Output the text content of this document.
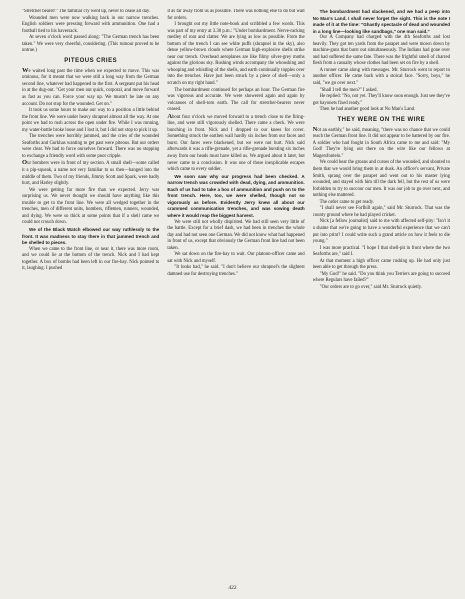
"Stretcher bearer!" The familiar cry went up, never to cease all day.

Wounded men were now walking back in our narrow trenches. English soldiers were pressing forward with ammunition. One had a football tied to his haversack.

At seven o'clock word passed along: "The German trench has been taken." We were very cheerful, considering. (This rumour proved to be untrue.)

PITEOUS CRIES

We waited long past the time when we expected to move. This was ominous, for it meant that we were still a long way from the German second line, whatever had happened to the first. A sergeant put his head in at the dug-out. "Get your men out quick, corporal, and move forward as fast as you can. Force your way up. We mustn't be late on any account. Do not stop for the wounded. Get on."

It took us some hours to make our way to a position a little behind the front line. We were under heavy shrapnel almost all the way. At one point we had to rush across the open under fire. While I was running, my water-bottle broke loose and I lost it, but I did not stop to pick it up.

The trenches were horribly jammed, and the cries of the wounded Seaforths and Gurkhas wanting to get past were piteous. But our orders were clear. We had to force ourselves forward. There was no stopping to exchange a friendly word with some poor cripple.

Our bombers were in front of my section. A small shell—some called it a pip-squeak, a name not very familiar to us then—banged into the middle of them. Two of my friends, Jimmy Scott and Spark, were badly hurt, and Harley slightly.

We were getting far more fire than we expected. Jerry was surprising us. We never thought we should have anything like this trouble to get to the front line. We were all wedged together in the trenches, men of different units, bombers, riflemen, runners, wounded, and dying. We were so thick at some points that if a shell came we could not crouch down.

We of the Black Watch elbowed our way ruthlessly to the front. It was madness to stay there in that jammed trench and be shelled to pieces.

When we came to the front line, or near it, there was more room, and we could lie at the bottom of the trench. Nick and I had kept together. A box of bombs had been left in our fire-bay. Nick pointed to it, laughing. I pushed

it as far away from us as possible. There was nothing else to do but wait for orders.

I brought out my little note-book and scribbled a few words. This was part of my entry at 3.30 p.m.: "Under bombardment. Nerve-racking medley of roar and clatter. We are lying as low as possible. From the bottom of the trench I can see white puffs (shrapnel in the sky), also dense yellow-brown clouds where German high-explosive shells strike near our trench. Overhead aeroplanes are like filmy silver-grey moths against the glorious sky. Rushing winds accompany the whooshing and whooping and whistling of the shells, and earth continually topples over into the trenches. Have just been struck by a piece of shell—only a scratch on my right hand."

The bombardment continued for perhaps an hour. The German fire was vigorous and accurate. We were showered again and again by volcanoes of shell-torn earth. The call for stretcher-bearers never ceased.

About four o'clock we moved forward to a trench close to the firing-line, and were still vigorously shelled. There came a check. We were bunching in front. Nick and I dropped to our knees for cover. Something struck the earthen wall hardly six inches from our faces and burst. Our faces were blackened, but we were not hurt. Nick said afterwards it was a rifle-grenade, yet a rifle-grenade bursting six inches away from our heads must have killed us. We argued about it later, but never came to a conclusion. It was one of those inexplicable escapes which came to every soldier.

We soon saw why our progress had been checked. A narrow trench was crowded with dead, dying, and ammunition. Each of us had to take a box of ammunition and push on to the front trench. Here, too, we were shelled, though not so vigorously as before. Evidently Jerry knew all about our crammed communication trenches, and was sowing death where it would reap the biggest harvest.

We were still not wholly dispirited. We had still seen very little of the battle. Except for a brief dash, we had been in trenches the whole day and had not seen one German. We did not know what had happened in front of us, except that obviously the German front line had not been taken.

We sat down on the fire-bay to wait. Our platoon-officer came and sat with Nick and myself.

"It looks bad," he said. "I don't believe our shrapnel's the slightest damned use for destroying trenches."

The bombardment had slackened, and we had a peep into No Man's Land. I shall never forget the sight. This is the note I made of it at the time: "Ghastly spectacle of dead and wounded in a long line—looking like sandbags," one man said."

Our A Company had charged with the 4th Seaforths and lost heavily. They got ten yards from the parapet and were mown down by machine-guns that burst out simultaneously. The Indians had gone over and had suffered the same fate. There was the frightful smell of charred flesh from a casualty whose clothes had been set on fire by a shell.

A runner came along with messages. Mr. Sturrock went to report to another officer. He came back with a stoical face. "Sorry, boys," he said, "we go over next."

"Shall I tell the men?" I asked.

He replied: "No, not yet. They'll know soon enough. Just see they've got bayonets fixed ready."

Then he had another good look at No Man's Land.

THEY WERE ON THE WIRE

Not an earthly," he said, moaning, "there was no chance that we could reach the German front line. It did not appear to be battered by our fire. A soldier who had fought in South Africa came to me and said: "My God! They're lying out there on the wire like our fellows at Magersfontein."

We could hear the groans and curses of the wounded, and shouted to them that we would bring them in at dusk. An officer's servant, Private Smith, sprang over the parapet and went out to his master lying wounded, and stayed with him till the dark fell, but the rest of us were forbidden to try to succour our men. It was our job to go over next, and nothing else mattered.

The order came to get ready.

"I shall never see Forfhill again," said Mr. Sturrock. That was the county ground where he had played cricket.

Nick [a fellow journalist] said to me with affected self-pity: "Isn't it a shame that we're going to have a wonderful experience that we can't put into print? I could write such a grand article on how it feels to die young."

I was more practical. "I hope I that shell-pit in front where the two Seaforths are," said I.

At that moment a high officer came rushing up. He had only just been able to get through the press.

"My God!" he said. "Do you think you Terriers are going to succeed where Regulars have failed?"

"Our orders are to go over," said Mr. Sturrock quietly.

422
